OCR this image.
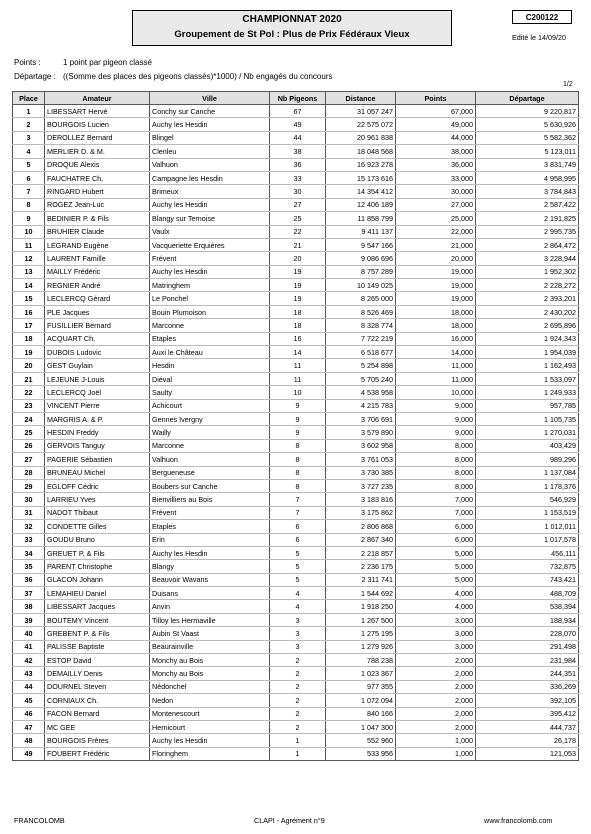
CHAMPIONNAT 2020
Groupement de St Pol : Plus de Prix Fédéraux Vieux
C200122
Edité le 14/09/20
Points :	1 point par pigeon classé
Départage : ((Somme des places des pigeons classés)*1000) / Nb engagés du concours
1/2
Place	Amateur	Ville	Nb Pigeons	Distance	Points	Départage
1	LIBESSART Hervé	Conchy sur Canche	67	31 057 247	67,000	9 220,817
2	BOURGOIS Lucien	Auchy les Hesdin	49	22 575 072	49,000	5 630,926
3	DEROLLEZ Bernard	Blingel	44	20 961 838	44,000	5 582,362
4	MERLIER D. & M.	Clenleu	38	18 048 568	38,000	5 123,011
5	DROQUE Alexis	Valhuon	36	16 923 278	36,000	3 831,749
6	FAUCHATRE Ch.	Campagne les Hesdin	33	15 173 616	33,000	4 958,995
7	RINGARD Hubert	Brimeux	30	14 354 412	30,000	3 784,843
8	ROGEZ Jean-Luc	Auchy les Hesdin	27	12 406 189	27,000	2 587,422
9	BEDINIER P. & Fils	Blangy sur Ternoise	25	11 858 799	25,000	2 191,825
10	BRUHIER Claude	Vaulx	22	9 411 137	22,000	2 995,735
11	LEGRAND Eugène	Vacqueriette Erquières	21	9 547 166	21,000	2 864,472
12	LAURENT Famille	Frévent	20	9 086 696	20,000	3 228,944
13	MAILLY Frédéric	Auchy les Hesdin	19	8 757 289	19,000	1 952,302
14	REGNIER André	Matringhem	19	10 149 025	19,000	2 228,272
15	LECLERCQ Gérard	Le Ponchel	19	8 265 000	19,000	2 393,201
16	PLE Jacques	Bouin Plumoison	18	8 526 469	18,000	2 430,202
17	FUSILLIER Bernard	Marconne	18	8 328 774	18,000	2 695,896
18	ACQUART Ch.	Etaples	16	7 722 219	16,000	1 924,343
19	DUBOIS Ludovic	Auxi le Château	14	6 518 677	14,000	1 954,039
20	GEST Guylain	Hesdin	11	5 254 898	11,000	1 162,493
21	LEJEUNE J-Louis	Diéval	11	5 705 240	11,000	1 533,097
22	LECLERCQ Joël	Saulty	10	4 538 958	10,000	1 249,933
23	VINCENT Pierre	Achicourt	9	4 215 783	9,000	957,785
24	MARGRIS A. & P.	Gennes Ivergny	9	3 706 691	9,000	1 105,735
25	HESDIN Freddy	Wailly	9	3 579 890	9,000	1 270,031
26	GERVOIS Tanguy	Marconne	8	3 602 958	8,000	403,429
27	PAGERIE Sébastien	Valhuon	8	3 761 053	8,000	989,296
28	BRUNEAU Michel	Bergueneuse	8	3 730 385	8,000	1 137,084
29	EGLOFF Cédric	Boubers sur Canche	8	3 727 235	8,000	1 178,376
30	LARRIEU Yves	Bienvilliers au Bois	7	3 183 816	7,000	546,929
31	NADOT Thibaut	Frévent	7	3 175 862	7,000	1 153,519
32	CONDETTE Gilles	Etaples	6	2 806 868	6,000	1 012,011
33	GOUDU Bruno	Erin	6	2 867 340	6,000	1 017,578
34	GREUET P. & Fils	Auchy les Hesdin	5	2 218 857	5,000	456,111
35	PARENT Christophe	Blangy	5	2 236 175	5,000	732,875
36	GLACON Johann	Beauvoir Wavans	5	2 311 741	5,000	743,421
37	LEMAHIEU Daniel	Duisans	4	1 544 692	4,000	488,709
38	LIBESSART Jacques	Anvin	4	1 918 250	4,000	538,394
39	BOUTEMY Vincent	Tilloy les Hermaville	3	1 267 500	3,000	188,934
40	GREBENT P. & Fils	Aubin St Vaast	3	1 275 195	3,000	228,070
41	PALISSE Baptiste	Beaurainville	3	1 279 926	3,000	291,498
42	ESTOP David	Monchy au Bois	2	788 238	2,000	231,984
43	DEMAILLY Denis	Monchy au Bois	2	1 023 367	2,000	244,351
44	DOURNEL Steven	Nédonchel	2	977 355	2,000	336,269
45	CORNIAUX Ch.	Nedon	2	1 072 094	2,000	392,105
46	FACON Bernard	Montenescourt	2	840 166	2,000	395,412
47	MC GEE	Hernicourt	2	1 047 300	2,000	444,737
48	BOURGOIS Frères	Auchy les Hesdin	1	552 960	1,000	26,178
49	FOUBERT Frédéric	Floringhem	1	533 956	1,000	121,053
FRANCOLOMB	CLAPI - Agrément n°9	www.francolomb.com
